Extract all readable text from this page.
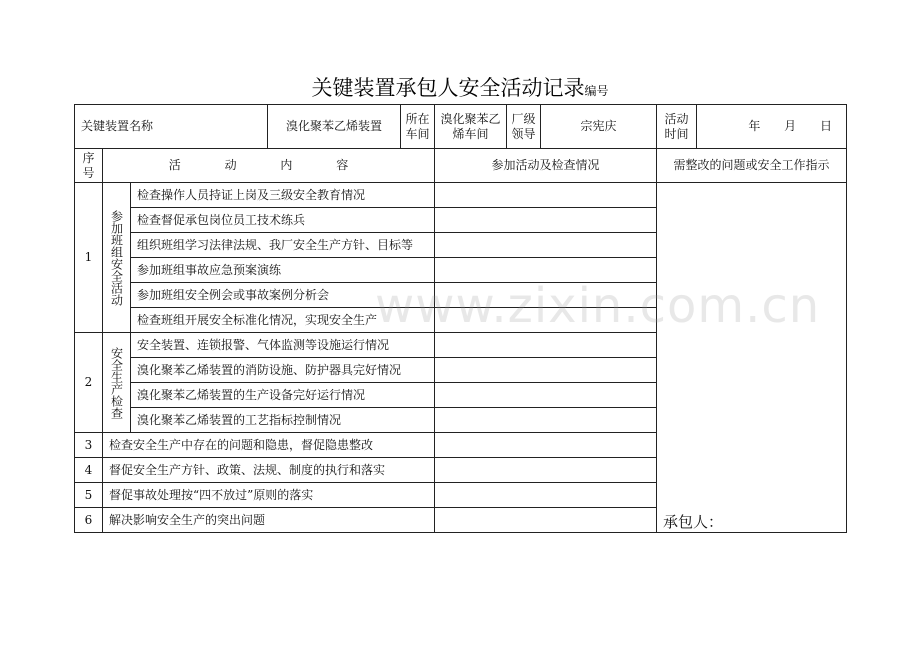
关键装置承包人安全活动记录编号
关键装置名称			溴化聚苯乙烯装置	所在车间	溴化聚苯乙烯车间	厂级领导	宗宪庆	活动时间	年 月 日
序号	活 动 内 容				参加活动及检查情况			需整改的问题或安全工作指示	
1	参加班组安全活动	检查操作人员持证上岗及三级安全教育情况						承包人：	
		检查督促承包岗位员工技术练兵							
		组织班组学习法律法规、我厂安全生产方针、目标等							
		参加班组事故应急预案演练							
		参加班组安全例会或事故案例分析会							
		检查班组开展安全标准化情况，实现安全生产							
2	安全生产检查	安全装置、连锁报警、气体监测等设施运行情况							
		溴化聚苯乙烯装置的消防设施、防护器具完好情况							
		溴化聚苯乙烯装置的生产设备完好运行情况							
		溴化聚苯乙烯装置的工艺指标控制情况							
3	检查安全生产中存在的问题和隐患，督促隐患整改								
4	督促安全生产方针、政策、法规、制度的执行和落实								
5	督促事故处理按“四不放过”原则的落实								
6	解决影响安全生产的突出问题								
www.zixin.com.cn
